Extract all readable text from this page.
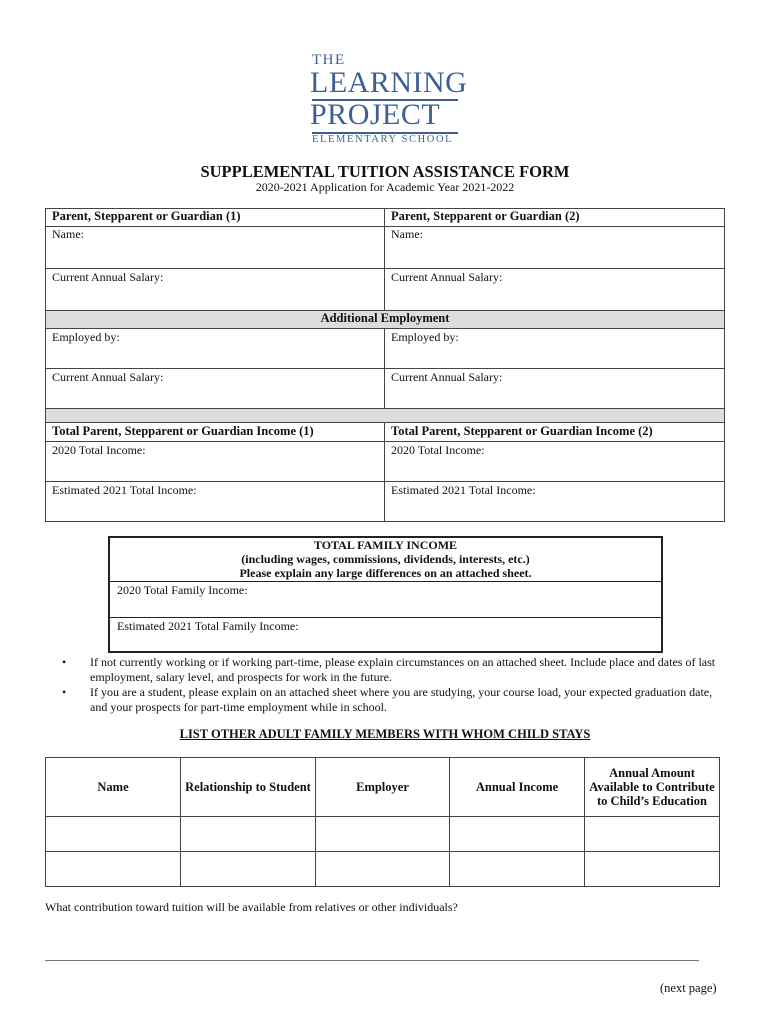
THE
LEARNING
PROJECT
ELEMENTARY SCHOOL
SUPPLEMENTAL TUITION ASSISTANCE FORM
2020-2021 Application for Academic Year 2021-2022
Parent, Stepparent or Guardian (1)	Parent, Stepparent or Guardian (2)
Name:	Name:
Current Annual Salary:	Current Annual Salary:
Additional Employment
Employed by:	Employed by:
Current Annual Salary:	Current Annual Salary:
Total Parent, Stepparent or Guardian Income (1)	Total Parent, Stepparent or Guardian Income (2)
2020 Total Income:	2020 Total Income:
Estimated 2021 Total Income:	Estimated 2021 Total Income:
TOTAL FAMILY INCOME
(including wages, commissions, dividends, interests, etc.)
Please explain any large differences on an attached sheet.
2020 Total Family Income:
Estimated 2021 Total Family Income:
• If not currently working or if working part-time, please explain circumstances on an attached sheet. Include place and dates of last employment, salary level, and prospects for work in the future.
• If you are a student, please explain on an attached sheet where you are studying, your course load, your expected graduation date, and your prospects for part-time employment while in school.
LIST OTHER ADULT FAMILY MEMBERS WITH WHOM CHILD STAYS
Name	Relationship to Student	Employer	Annual Income	Annual Amount Available to Contribute to Child’s Education

What contribution toward tuition will be available from relatives or other individuals?
_____________________________________________________________________________________________________________
(next page)
